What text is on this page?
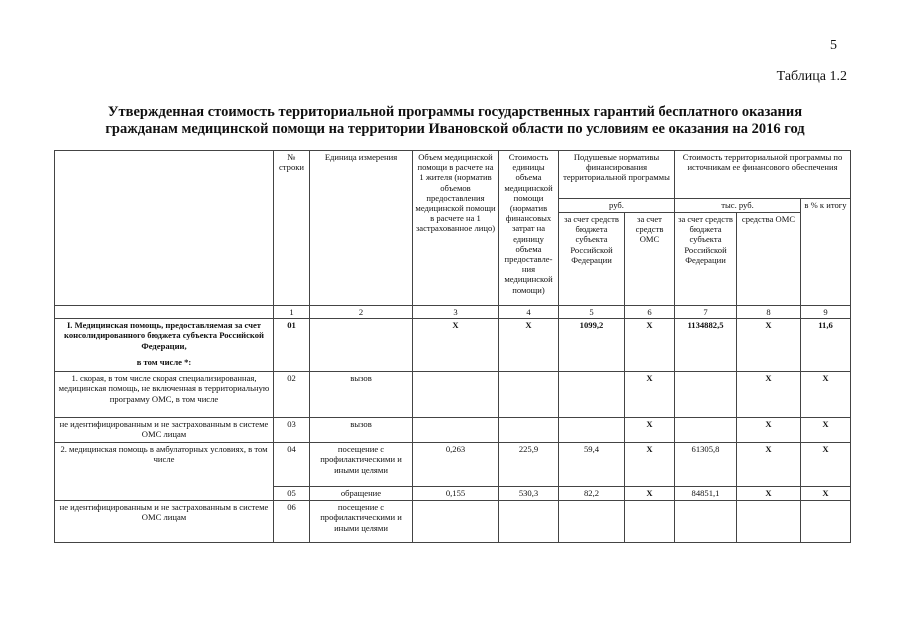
5
Таблица 1.2
Утвержденная стоимость территориальной программы государственных гарантий бесплатного оказания
гражданам медицинской помощи на территории Ивановской области по условиям ее оказания на 2016 год
	№ строки	Единица измерения	Объем медицинской помощи в расчете на 1 жителя (норматив объемов предоставления медицинской помощи в расчете на 1 застрахованное лицо)	Стоимость единицы объема медицинской помощи (норматив финансовых затрат на единицу объема предоставле-ния медицинской помощи)	Подушевые нормативы финансирования территориальной программы		Стоимость территориальной программы по источникам ее финансового обеспечения		
					руб.		тыс. руб.		в % к итогу
					за счет средств бюджета субъекта Российской Федерации	за счет средств ОМС	за счет средств бюджета субъекта Российской Федерации	средства ОМС	
	1	2	3	4	5	6	7	8	9

I. Медицинская помощь, предоставляемая за счет консолидированного бюджета субъекта Российской Федерации,
в том числе *:	01		X	X	1099,2	X	1134882,5	X	11,6
1. скорая, в том числе скорая специализированная, медицинская помощь, не включенная в территориальную программу ОМС, в том числе	02	вызов				X		X	X
не идентифицированным и не застрахованным в системе ОМС лицам	03	вызов				X		X	X
2. медицинская помощь в амбулаторных условиях, в том числе	04	посещение с профилактическими и иными целями	0,263	225,9	59,4	X	61305,8	X	X
	05	обращение	0,155	530,3	82,2	X	84851,1	X	X
не идентифицированным и не застрахованным в системе ОМС лицам	06	посещение с профилактическими и иными целями							
